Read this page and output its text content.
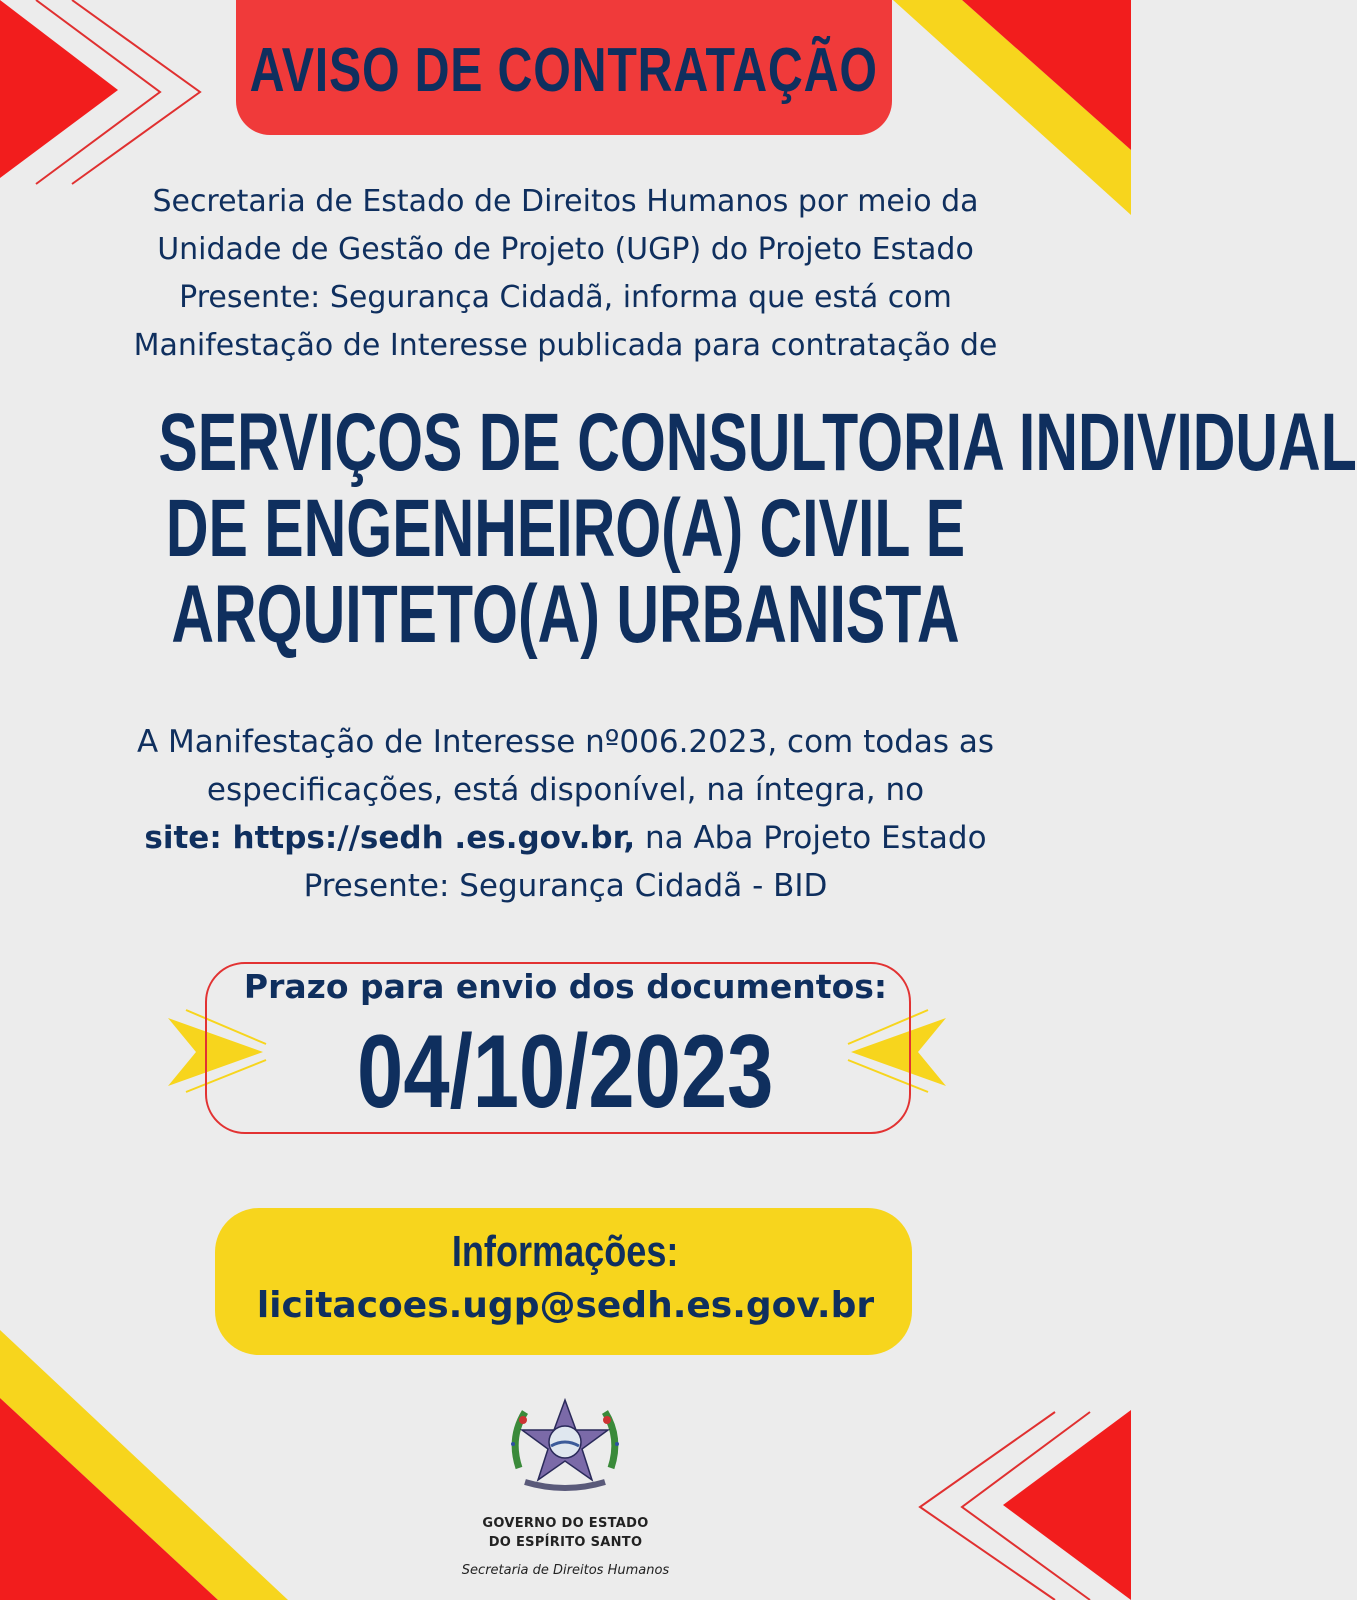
AVISO DE CONTRATAÇÃO

Secretaria de Estado de Direitos Humanos por meio da
Unidade de Gestão de Projeto (UGP) do Projeto Estado
Presente: Segurança Cidadã, informa que está com
Manifestação de Interesse publicada para contratação de

SERVIÇOS DE CONSULTORIA INDIVIDUAL
DE ENGENHEIRO(A) CIVIL E
ARQUITETO(A) URBANISTA

A Manifestação de Interesse nº006.2023, com todas as
especificações, está disponível, na íntegra, no
site: https://sedh .es.gov.br, na Aba Projeto Estado
Presente: Segurança Cidadã - BID

Prazo para envio dos documentos:
04/10/2023
Informações:
licitacoes.ugp@sedh.es.gov.br
GOVERNO DO ESTADO
DO ESPÍRITO SANTO
Secretaria de Direitos Humanos
